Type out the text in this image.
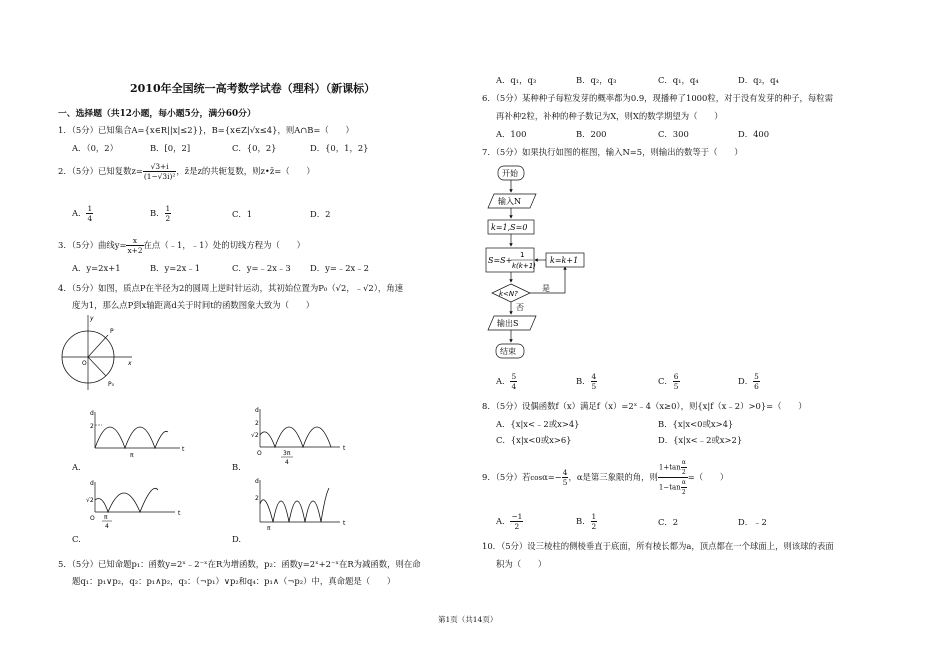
2010年全国统一高考数学试卷（理科）（新课标）
一、选择题（共12小题，每小题5分，满分60分）
1．（5分）已知集合A={x∈R||x|≤2}}，B={x∈Z|√x≤4}，则A∩B=（　　）
A．（0，2）	B．[0，2]	C．{0，2}	D．{0，1，2}
2．（5分）已知复数$z= \frac{√3+i}{\text{(1−√3i)²}}$ ，z̄是z的共轭复数，则z•z̄=（　　）
A． $\frac{1}{4}$	B． $\frac{1}{2}$	C．1	D．2
3．（5分）曲线$y= \frac{x}{x+2}$ 在点（﹣1，﹣1）处的切线方程为（　　）
A．y=2x+1	B．y=2x﹣1	C．y=﹣2x﹣3 D．y=﹣2x﹣2
4．（5分）如图，质点P在半径为2的圆周上逆时针运动，其初始位置为P₀（√2，﹣√2），角速
度为1，那么点P到x轴距离d关于时间t的函数图象大致为（　　）
y
P
O	x
P₀
d
2
π
t
A.
d
2
√2
O	3π
4
t
B.
d
√2
O π
4
t
C.
d
2
π
t
D.
5．（5分）已知命题p₁：函数y=2ˣ﹣2⁻ˣ在R为增函数，p₂：函数y=2ˣ+2⁻ˣ在R为减函数，则在命
题q₁：p₁∨p₂，q₂：p₁∧p₂，q₃：（¬p₁）∨p₂和q₄：p₁∧（¬p₂）中，真命题是（　　）
A．q₁，q₃	B．q₂，q₃	C．q₁，q₄	D．q₂，q₄
6．（5分）某种种子每粒发芽的概率都为0.9，现播种了1000粒，对于没有发芽的种子，每粒需
再补种2粒，补种的种子数记为X，则X的数学期望为（　　）
A．100	B．200	C．300	D．400
7．（5分）如果执行如图的框图，输入N=5，则输出的数等于（　　）
开始
输入N
k=1,S=0
S=S+
1
k(k+1)
k=k+1
k<N?
是
否
输出S
结束
A． $\frac{5}{4}$	B． $\frac{4}{5}$	C． $\frac{6}{5}$	D． $\frac{5}{6}$
8．（5分）设偶函数f（x）满足f（x）=2ˣ﹣4（x≥0），则{x|f（x﹣2）>0}=（　　）
A．{x|x<﹣2或x>4}	B．{x|x<0或x>4}
C．{x|x<0或x>6}	D．{x|x<﹣2或x>2}
9．（5分）若$\cos\alpha=- \frac{4}{5}$ ，α是第三象限的角，则 $\frac{1+\tan \frac{\alpha}{2}}{1-\tan \frac{\alpha}{2}}$ =（　　）
A． $\frac{-1}{2}$	B． $\frac{1}{2}$	C．2	D．﹣2
10．（5分）设三棱柱的侧棱垂直于底面，所有棱长都为a，顶点都在一个球面上，则该球的表面
积为（　　）
第1页（共14页）
